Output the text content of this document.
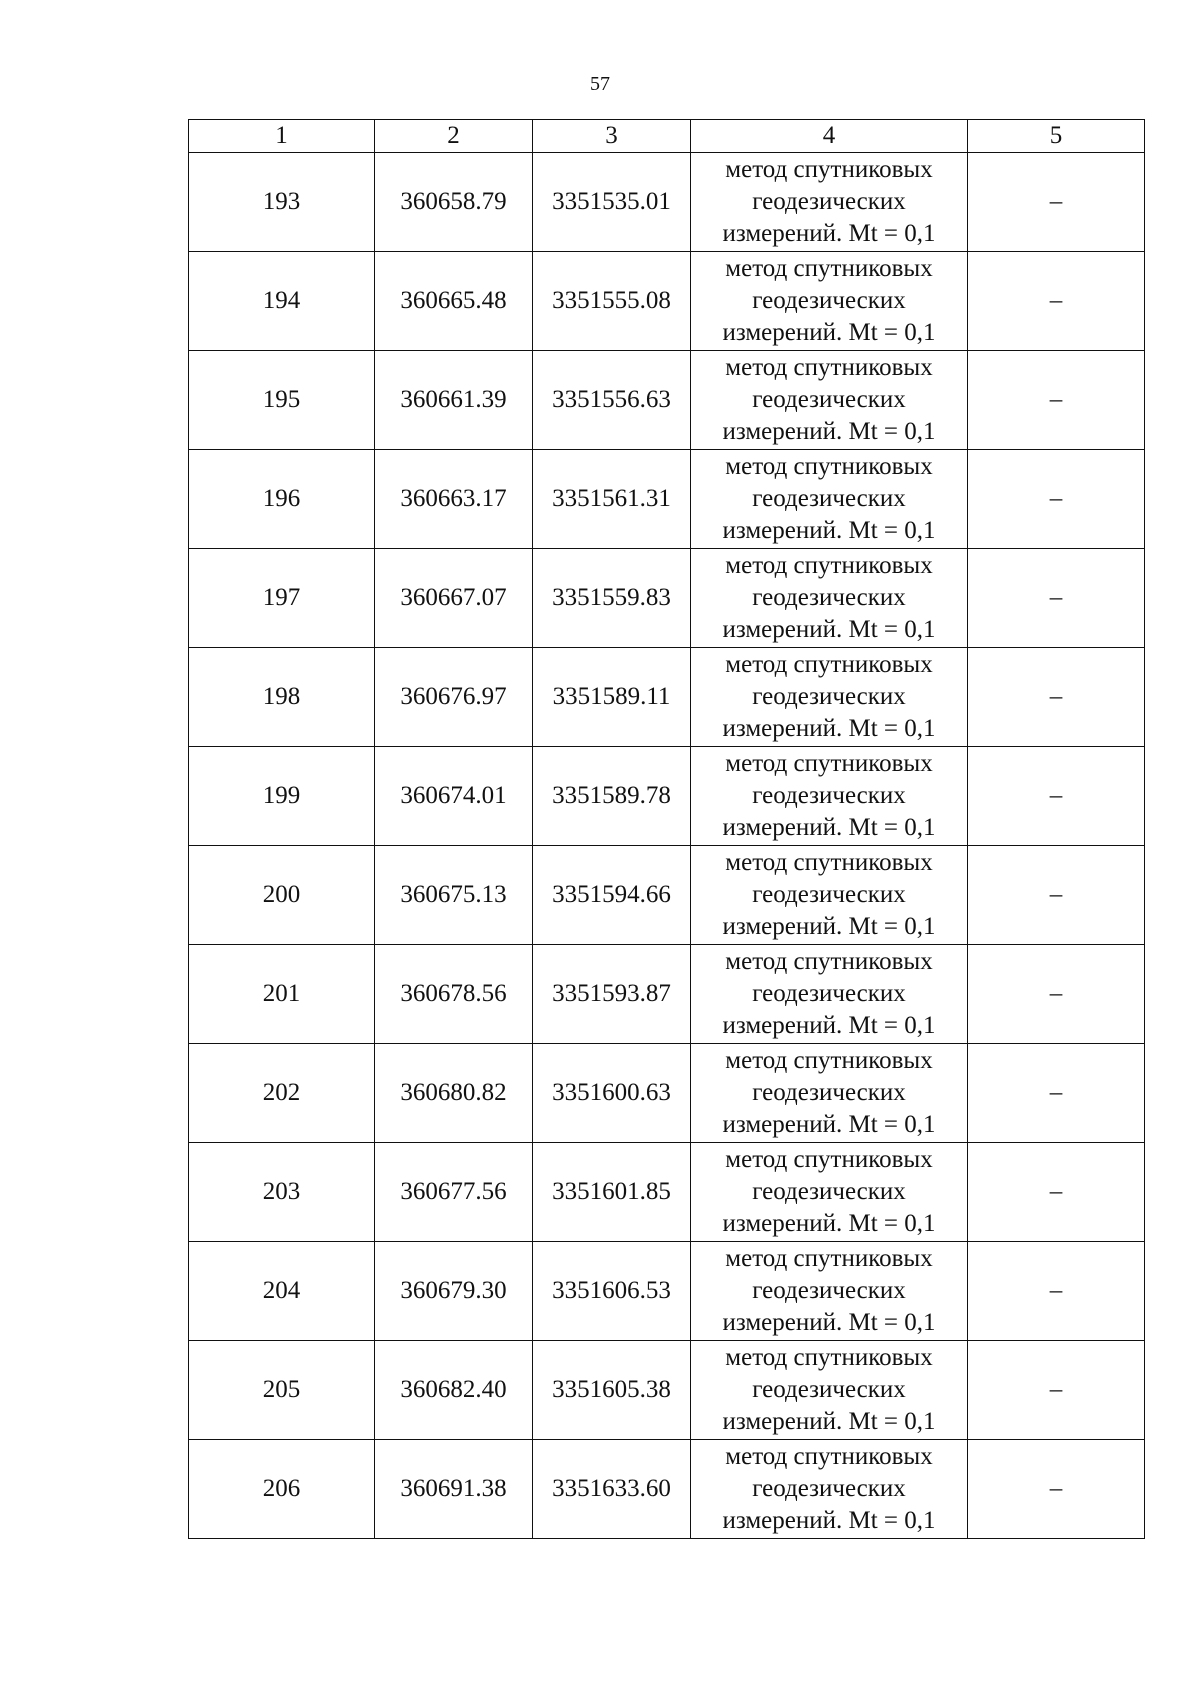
57
1	2	3	4	5
193	360658.79	3351535.01	метод спутниковых
геодезических
измерений. Mt = 0,1	–
194	360665.48	3351555.08	метод спутниковых
геодезических
измерений. Mt = 0,1	–
195	360661.39	3351556.63	метод спутниковых
геодезических
измерений. Mt = 0,1	–
196	360663.17	3351561.31	метод спутниковых
геодезических
измерений. Mt = 0,1	–
197	360667.07	3351559.83	метод спутниковых
геодезических
измерений. Mt = 0,1	–
198	360676.97	3351589.11	метод спутниковых
геодезических
измерений. Mt = 0,1	–
199	360674.01	3351589.78	метод спутниковых
геодезических
измерений. Mt = 0,1	–
200	360675.13	3351594.66	метод спутниковых
геодезических
измерений. Mt = 0,1	–
201	360678.56	3351593.87	метод спутниковых
геодезических
измерений. Mt = 0,1	–
202	360680.82	3351600.63	метод спутниковых
геодезических
измерений. Mt = 0,1	–
203	360677.56	3351601.85	метод спутниковых
геодезических
измерений. Mt = 0,1	–
204	360679.30	3351606.53	метод спутниковых
геодезических
измерений. Mt = 0,1	–
205	360682.40	3351605.38	метод спутниковых
геодезических
измерений. Mt = 0,1	–
206	360691.38	3351633.60	метод спутниковых
геодезических
измерений. Mt = 0,1	–
